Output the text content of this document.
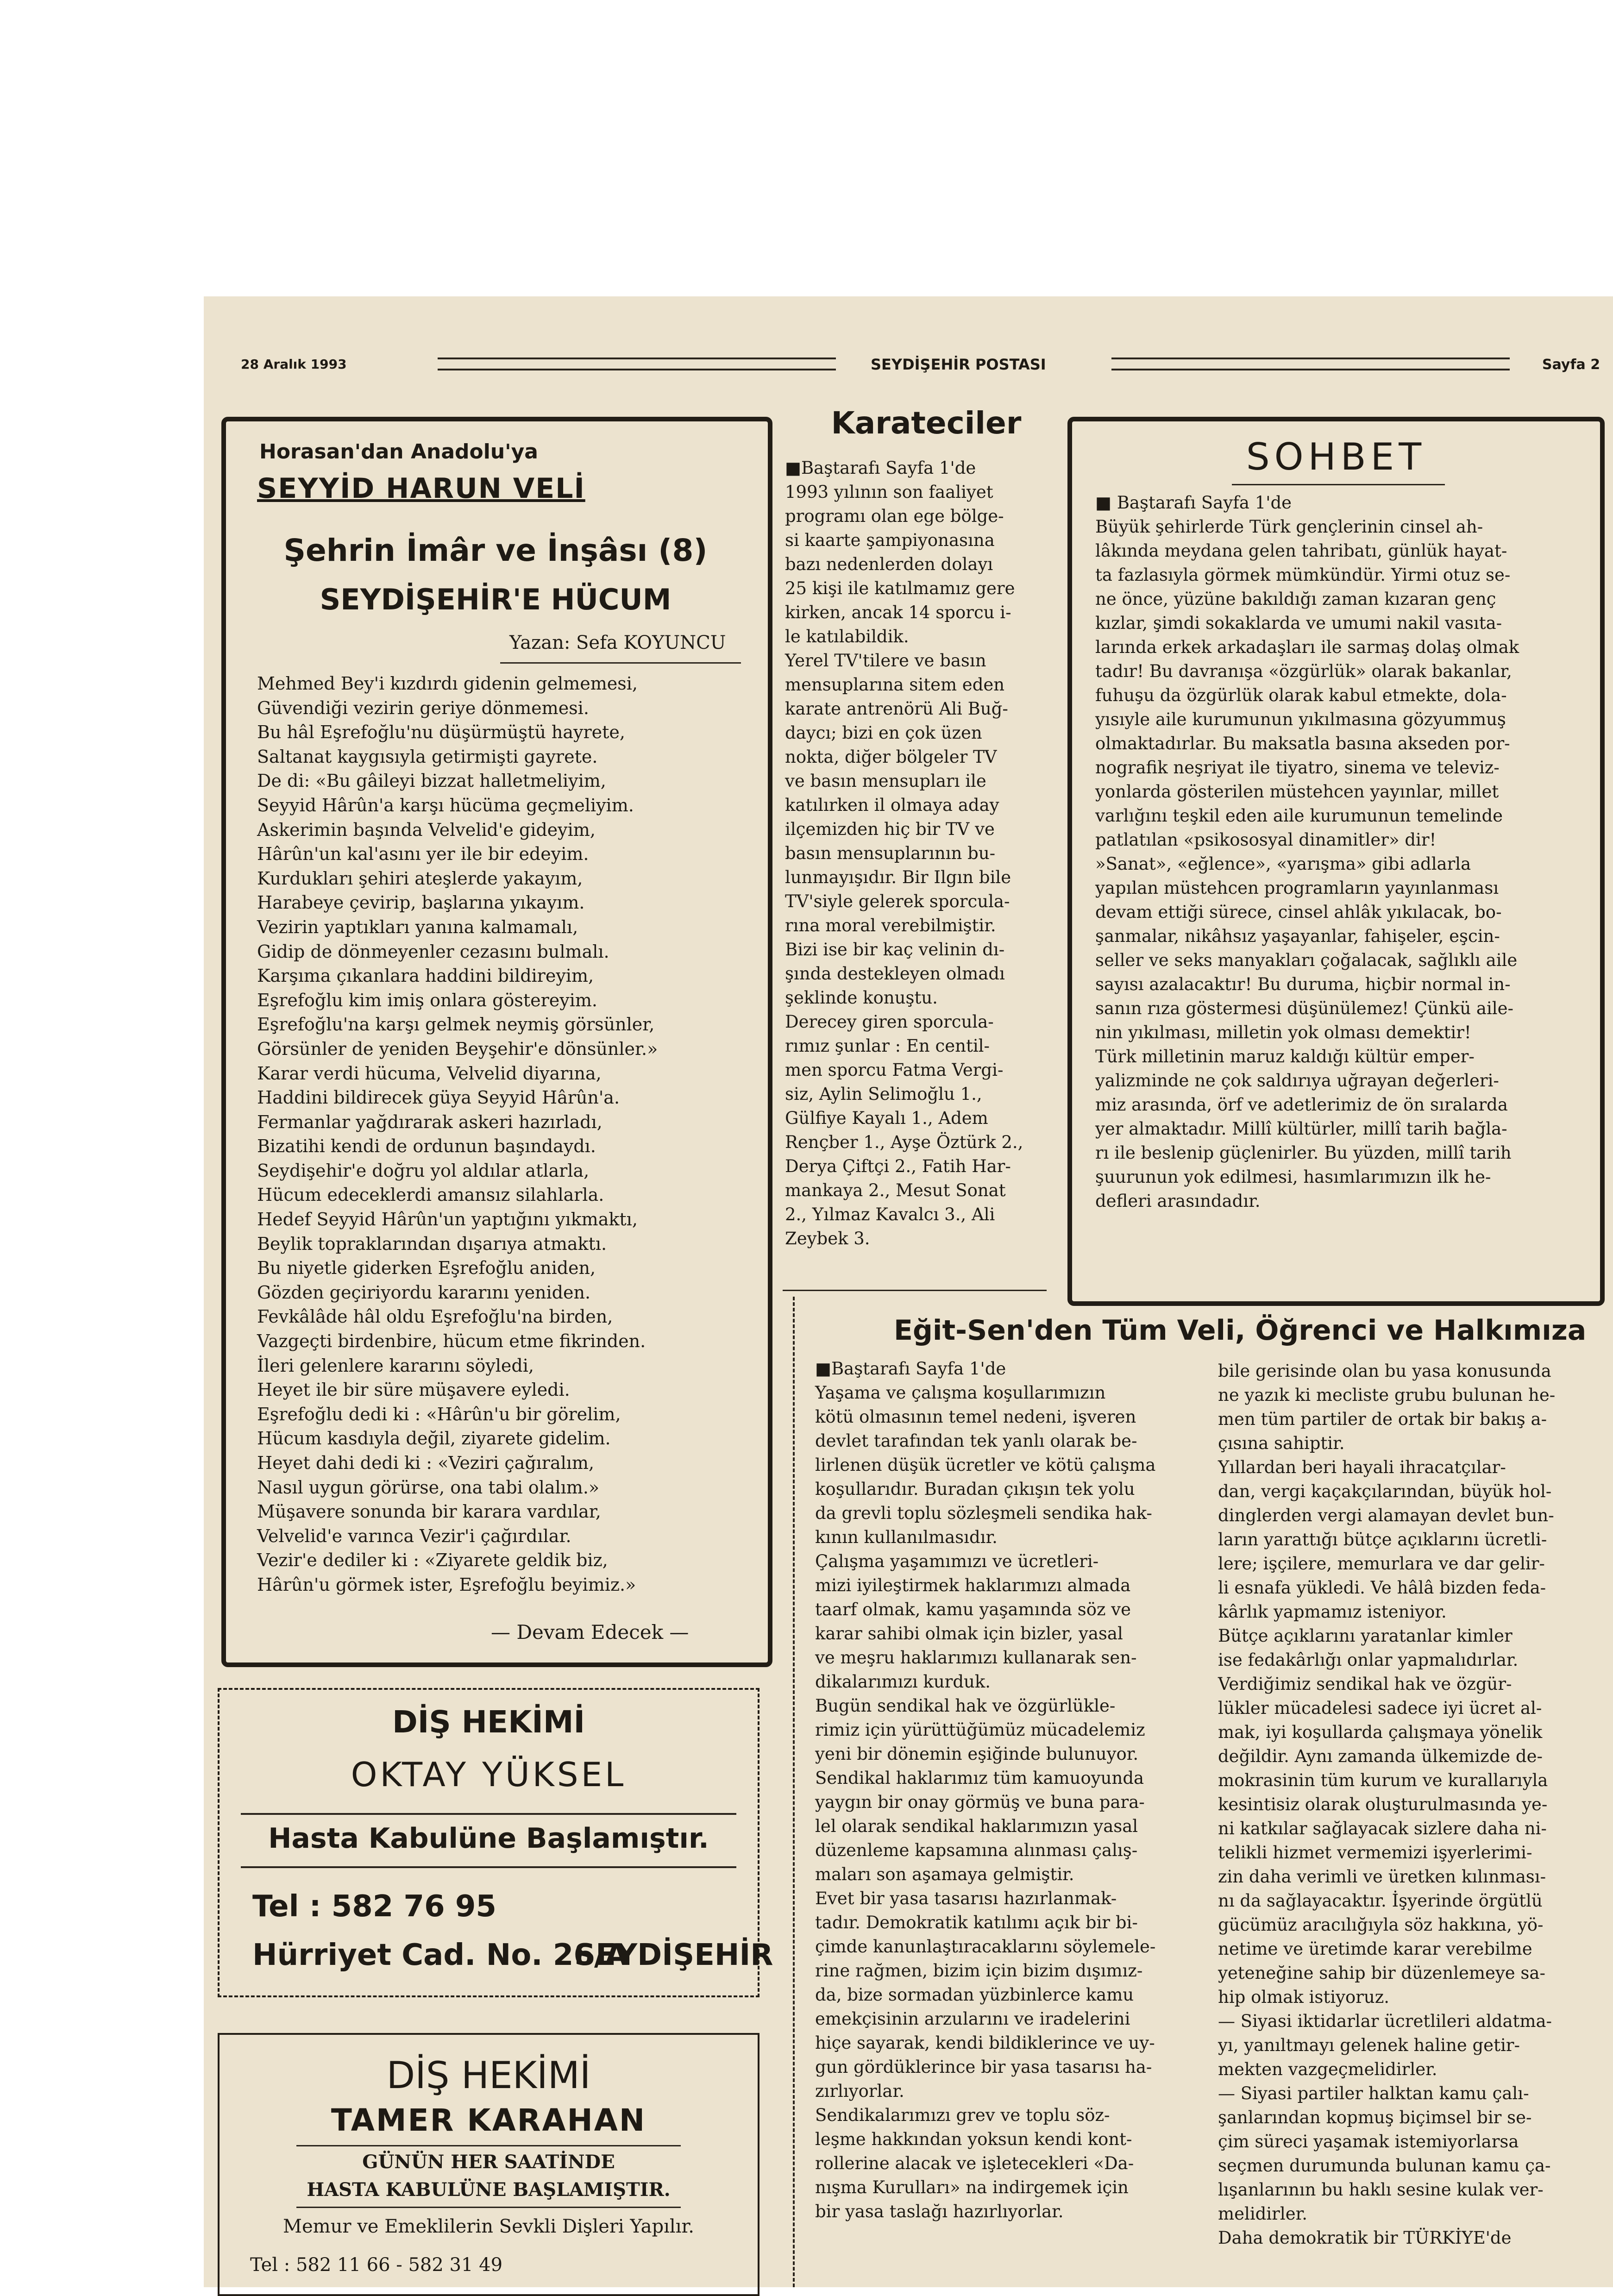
28 Aralık 1993	SEYDİŞEHİR POSTASI	Sayfa 2
Horasan'dan Anadolu'ya
SEYYİD HARUN VELİ
Şehrin İmâr ve İnşâsı (8)
SEYDİŞEHİR'E HÜCUM
Yazan: Sefa KOYUNCU

Mehmed Bey'i kızdırdı gidenin gelmemesi,

Güvendiği vezirin geriye dönmemesi.

Bu hâl Eşrefoğlu'nu düşürmüştü hayrete,

Saltanat kaygısıyla getirmişti gayrete.

De di: «Bu gâileyi bizzat halletmeliyim,

Seyyid Hârûn'a karşı hücüma geçmeliyim.

Askerimin başında Velvelid'e gideyim,

Hârûn'un kal'asını yer ile bir edeyim.

Kurdukları şehiri ateşlerde yakayım,

Harabeye çevirip, başlarına yıkayım.

Vezirin yaptıkları yanına kalmamalı,

Gidip de dönmeyenler cezasını bulmalı.

Karşıma çıkanlara haddini bildireyim,

Eşrefoğlu kim imiş onlara göstereyim.

Eşrefoğlu'na karşı gelmek neymiş görsünler,

Görsünler de yeniden Beyşehir'e dönsünler.»

Karar verdi hücuma, Velvelid diyarına,

Haddini bildirecek güya Seyyid Hârûn'a.

Fermanlar yağdırarak askeri hazırladı,

Bizatihi kendi de ordunun başındaydı.

Seydişehir'e doğru yol aldılar atlarla,

Hücum edeceklerdi amansız silahlarla.

Hedef Seyyid Hârûn'un yaptığını yıkmaktı,

Beylik topraklarından dışarıya atmaktı.

Bu niyetle giderken Eşrefoğlu aniden,

Gözden geçiriyordu kararını yeniden.

Fevkâlâde hâl oldu Eşrefoğlu'na birden,

Vazgeçti birdenbire, hücum etme fikrinden.

İleri gelenlere kararını söyledi,

Heyet ile bir süre müşavere eyledi.

Eşrefoğlu dedi ki : «Hârûn'u bir görelim,

Hücum kasdıyla değil, ziyarete gidelim.

Heyet dahi dedi ki : «Veziri çağıralım,

Nasıl uygun görürse, ona tabi olalım.»

Müşavere sonunda bir karara vardılar,

Velvelid'e varınca Vezir'i çağırdılar.

Vezir'e dediler ki : «Ziyarete geldik biz,

Hârûn'u görmek ister, Eşrefoğlu beyimiz.»

— Devam Edecek —
DİŞ HEKİMİ
OKTAY YÜKSEL
Hasta Kabulüne Başlamıştır.
Tel : 582 76 95
Hürriyet Cad. No. 26/A
SEYDİŞEHİR
DİŞ HEKİMİ
TAMER KARAHAN
GÜNÜN HER SAATİNDE
HASTA KABULÜNE BAŞLAMIŞTIR.
Memur ve Emeklilerin Sevkli Dişleri Yapılır.
Tel : 582 11 66 - 582 31 49
Karateciler

■Baştarafı Sayfa 1'de

1993 yılının son faaliyet

programı olan ege bölge-

si kaarte şampiyonasına

bazı nedenlerden dolayı

25 kişi ile katılmamız gere

kirken, ancak 14 sporcu i-

le katılabildik.

Yerel TV'tilere ve basın

mensuplarına sitem eden

karate antrenörü Ali Buğ-

daycı; bizi en çok üzen

nokta, diğer bölgeler TV

ve basın mensupları ile

katılırken il olmaya aday

ilçemizden hiç bir TV ve

basın mensuplarının bu-

lunmayışıdır. Bir Ilgın bile

TV'siyle gelerek sporcula-

rına moral verebilmiştir.

Bizi ise bir kaç velinin dı-

şında destekleyen olmadı

şeklinde konuştu.

Derecey giren sporcula-

rımız şunlar : En centil-

men sporcu Fatma Vergi-

siz, Aylin Selimoğlu 1.,

Gülfiye Kayalı 1., Adem

Rençber 1., Ayşe Öztürk 2.,

Derya Çiftçi 2., Fatih Har-

mankaya 2., Mesut Sonat

2., Yılmaz Kavalcı 3., Ali

Zeybek 3.

SOHBET

■ Baştarafı Sayfa 1'de

Büyük şehirlerde Türk gençlerinin cinsel ah-

lâkında meydana gelen tahribatı, günlük hayat-

ta fazlasıyla görmek mümkündür. Yirmi otuz se-

ne önce, yüzüne bakıldığı zaman kızaran genç

kızlar, şimdi sokaklarda ve umumi nakil vasıta-

larında erkek arkadaşları ile sarmaş dolaş olmak

tadır! Bu davranışa «özgürlük» olarak bakanlar,

fuhuşu da özgürlük olarak kabul etmekte, dola-

yısıyle aile kurumunun yıkılmasına gözyummuş

olmaktadırlar. Bu maksatla basına akseden por-

nografik neşriyat ile tiyatro, sinema ve televiz-

yonlarda gösterilen müstehcen yayınlar, millet

varlığını teşkil eden aile kurumunun temelinde

patlatılan «psikososyal dinamitler» dir!

»Sanat», «eğlence», «yarışma» gibi adlarla

yapılan müstehcen programların yayınlanması

devam ettiği sürece, cinsel ahlâk yıkılacak, bo-

şanmalar, nikâhsız yaşayanlar, fahişeler, eşcin-

seller ve seks manyakları çoğalacak, sağlıklı aile

sayısı azalacaktır! Bu duruma, hiçbir normal in-

sanın rıza göstermesi düşünülemez! Çünkü aile-

nin yıkılması, milletin yok olması demektir!

Türk milletinin maruz kaldığı kültür emper-

yalizminde ne çok saldırıya uğrayan değerleri-

miz arasında, örf ve adetlerimiz de ön sıralarda

yer almaktadır. Millî kültürler, millî tarih bağla-

rı ile beslenip güçlenirler. Bu yüzden, millî tarih

şuurunun yok edilmesi, hasımlarımızın ilk he-

defleri arasındadır.

Eğit-Sen'den Tüm Veli, Öğrenci ve Halkımıza

■Baştarafı Sayfa 1'de

Yaşama ve çalışma koşullarımızın

kötü olmasının temel nedeni, işveren

devlet tarafından tek yanlı olarak be-

lirlenen düşük ücretler ve kötü çalışma

koşullarıdır. Buradan çıkışın tek yolu

da grevli toplu sözleşmeli sendika hak-

kının kullanılmasıdır.

Çalışma yaşamımızı ve ücretleri-

mizi iyileştirmek haklarımızı almada

taarf olmak, kamu yaşamında söz ve

karar sahibi olmak için bizler, yasal

ve meşru haklarımızı kullanarak sen-

dikalarımızı kurduk.

Bugün sendikal hak ve özgürlükle-

rimiz için yürüttüğümüz mücadelemiz

yeni bir dönemin eşiğinde bulunuyor.

Sendikal haklarımız tüm kamuoyunda

yaygın bir onay görmüş ve buna para-

lel olarak sendikal haklarımızın yasal

düzenleme kapsamına alınması çalış-

maları son aşamaya gelmiştir.

Evet bir yasa tasarısı hazırlanmak-

tadır. Demokratik katılımı açık bir bi-

çimde kanunlaştıracaklarını söylemele-

rine rağmen, bizim için bizim dışımız-

da, bize sormadan yüzbinlerce kamu

emekçisinin arzularını ve iradelerini

hiçe sayarak, kendi bildiklerince ve uy-

gun gördüklerince bir yasa tasarısı ha-

zırlıyorlar.

Sendikalarımızı grev ve toplu söz-

leşme hakkından yoksun kendi kont-

rollerine alacak ve işletecekleri «Da-

nışma Kurulları» na indirgemek için

bir yasa taslağı hazırlıyorlar.

bile gerisinde olan bu yasa konusunda

ne yazık ki mecliste grubu bulunan he-

men tüm partiler de ortak bir bakış a-

çısına sahiptir.

Yıllardan beri hayali ihracatçılar-

dan, vergi kaçakçılarından, büyük hol-

dinglerden vergi alamayan devlet bun-

ların yarattığı bütçe açıklarını ücretli-

lere; işçilere, memurlara ve dar gelir-

li esnafa yükledi. Ve hâlâ bizden feda-

kârlık yapmamız isteniyor.

Bütçe açıklarını yaratanlar kimler

ise fedakârlığı onlar yapmalıdırlar.

Verdiğimiz sendikal hak ve özgür-

lükler mücadelesi sadece iyi ücret al-

mak, iyi koşullarda çalışmaya yönelik

değildir. Aynı zamanda ülkemizde de-

mokrasinin tüm kurum ve kurallarıyla

kesintisiz olarak oluşturulmasında ye-

ni katkılar sağlayacak sizlere daha ni-

telikli hizmet vermemizi işyerlerimi-

zin daha verimli ve üretken kılınması-

nı da sağlayacaktır. İşyerinde örgütlü

gücümüz aracılığıyla söz hakkına, yö-

netime ve üretimde karar verebilme

yeteneğine sahip bir düzenlemeye sa-

hip olmak istiyoruz.

— Siyasi iktidarlar ücretlileri aldatma-

yı, yanıltmayı gelenek haline getir-

mekten vazgeçmelidirler.

— Siyasi partiler halktan kamu çalı-

şanlarından kopmuş biçimsel bir se-

çim süreci yaşamak istemiyorlarsa

seçmen durumunda bulunan kamu ça-

lışanlarının bu haklı sesine kulak ver-

melidirler.

Daha demokratik bir TÜRKİYE'de
